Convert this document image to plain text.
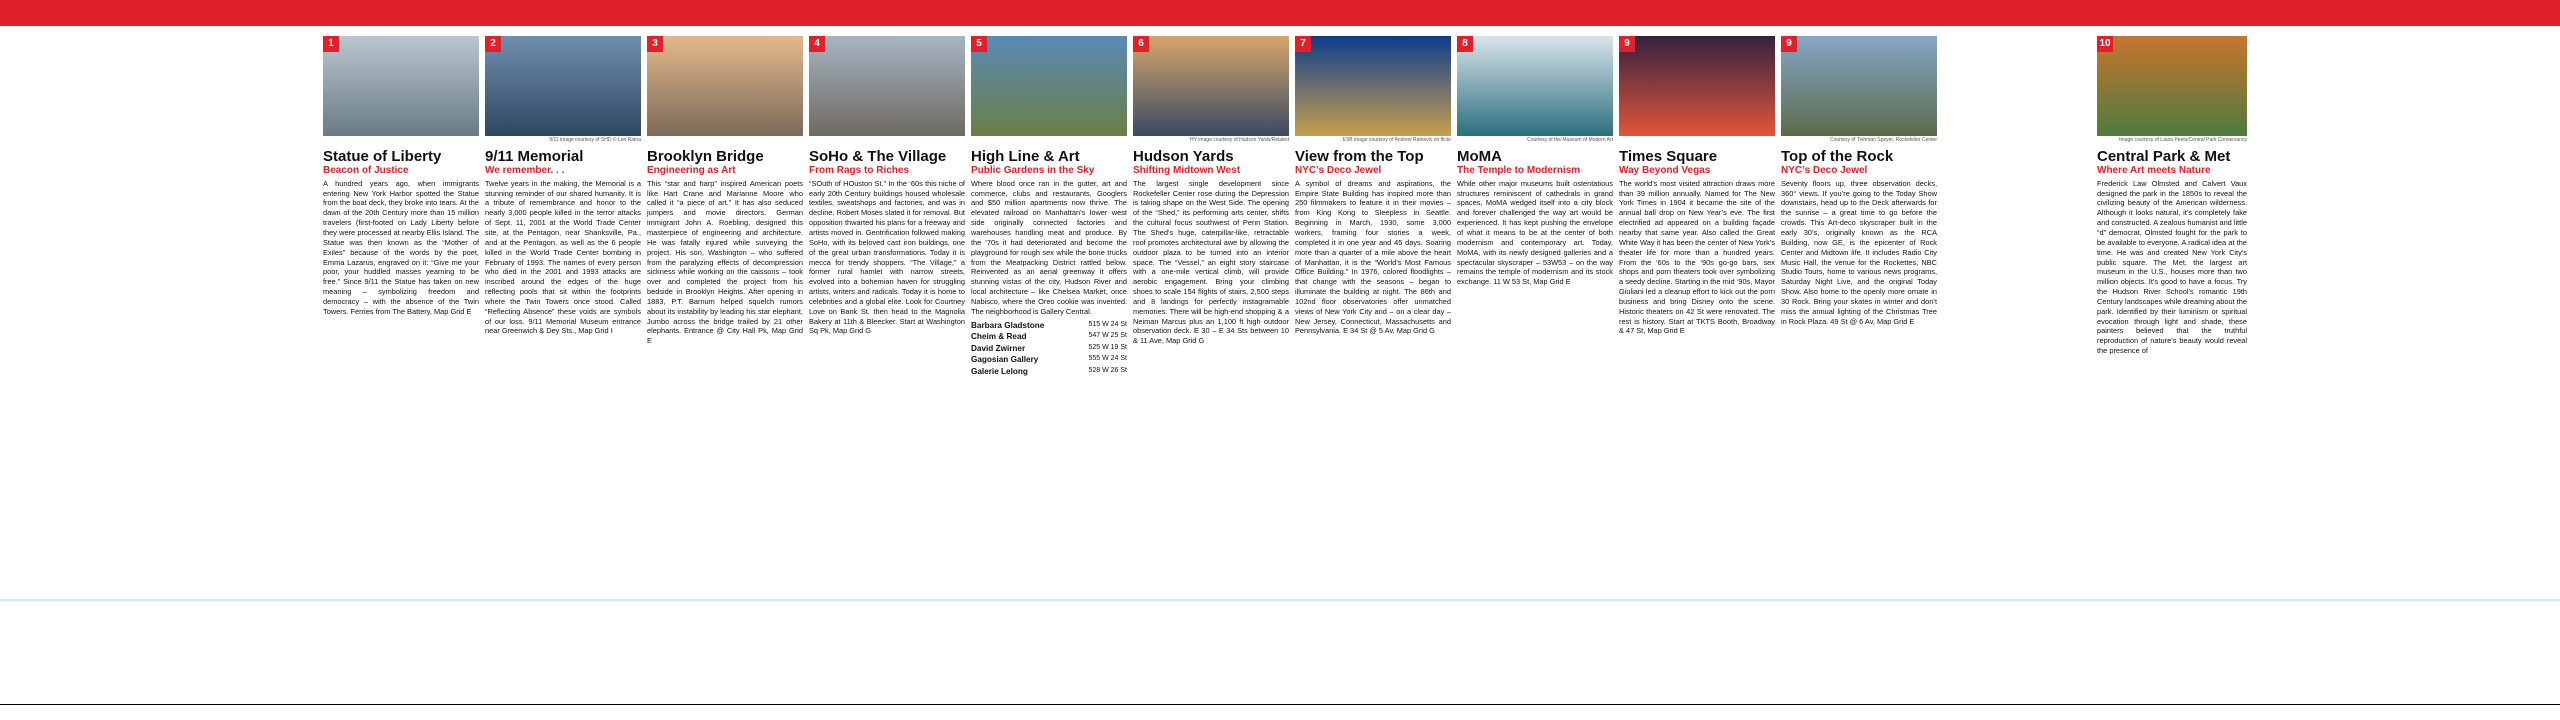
1
Statue of Liberty
Beacon of Justice

A hundred years ago, when immigrants entering New York Harbor spotted the Statue from the boat deck, they broke into tears. At the dawn of the 20th Century more than 15 million travelers (first-footed on Lady Liberty before they were processed at nearby Ellis Island. The Statue was then known as the “Mother of Exiles” because of the words by the poet, Emma Lazarus, engraved on it: “Give me your poor, your huddled masses yearning to be free.” Since 9/11 the Statue has taken on new meaning – symbolizing freedom and democracy – with the absence of the Twin Towers. Ferries from The Battery, Map Grid E

2
9/11 image courtesy of SHD © Len Ratna
9/11 Memorial
We remember. . .

Twelve years in the making, the Memorial is a stunning reminder of our shared humanity. It is a tribute of remembrance and honor to the nearly 3,000 people killed in the terror attacks of Sept. 11, 2001 at the World Trade Center site, at the Pentagon, near Shanksville, Pa., and at the Pentagon, as well as the 6 people killed in the World Trade Center bombing in February of 1993. The names of every person who died in the 2001 and 1993 attacks are inscribed around the edges of the huge reflecting pools that sit within the footprints where the Twin Towers once stood. Called “Reflecting Absence” these voids are symbols of our loss. 9/11 Memorial Museum entrance near Greenwich & Dey Sts., Map Grid I

3
Brooklyn Bridge
Engineering as Art

This “star and harp” inspired American poets like Hart Crane and Marianne Moore who called it “a piece of art.” It has also seduced jumpers and movie directors. German immigrant John A. Roebling, designed this masterpiece of engineering and architecture. He was fatally injured while surveying the project. His son, Washington – who suffered from the paralyzing effects of decompression sickness while working on the caissons – took over and completed the project from his bedside in Brooklyn Heights. After opening in 1883, P.T. Barnum helped squelch rumors about its instability by leading his star elephant, Jumbo across the bridge trailed by 21 other elephants. Entrance @ City Hall Pk, Map Grid E

4
SoHo & The Village
From Rags to Riches

“SOuth of HOuston St.” In the ‘60s this niche of early 20th Century buildings housed wholesale textiles, sweatshops and factories, and was in decline. Robert Moses slated it for removal. But opposition thwarted his plans for a freeway and artists moved in. Gentrification followed making SoHo, with its beloved cast iron buildings, one of the great urban transformations. Today it is mecca for trendy shoppers. “The Village,” a former rural hamlet with narrow streets, evolved into a bohemian haven for struggling artists, writers and radicals. Today it is home to celebrities and a global elite. Look for Courtney Love on Bank St. then head to the Magnolia Bakery at 11th & Bleecker. Start at Washington Sq Pk, Map Grid G

5
High Line & Art
Public Gardens in the Sky

Where blood once ran in the gutter, art and commerce, clubs and restaurants, Googlers and $50 million apartments now thrive. The elevated railroad on Manhattan’s lower west side originally connected factories and warehouses handling meat and produce. By the ‘70s it had deteriorated and become the playground for rough sex while the bone trucks from the Meatpacking District rattled below. Reinvented as an aerial greenway it offers stunning vistas of the city, Hudson River and local architecture – like Chelsea Market, once Nabisco, where the Oreo cookie was invented. The neighborhood is Gallery Central.

Barbara Gladstone	515 W 24 St
Cheim & Read	547 W 25 St
David Zwirner	525 W 19 St
Gagosian Gallery	555 W 24 St
Galerie Lelong	528 W 26 St
6
HY image courtesy of Hudson Yards/Related
Hudson Yards
Shifting Midtown West

The largest single development since Rockefeller Center rose during the Depression is taking shape on the West Side. The opening of the “Shed,” its performing arts center, shifts the cultural focus southwest of Penn Station. The Shed’s huge, caterpillar-like, retractable roof promotes architectural awe by allowing the outdoor plaza to be turned into an interior space. The “Vessel,” an eight story staircase with a one-mile vertical climb, will provide aerobic engagement. Bring your climbing shoes to scale 154 flights of stairs, 2,500 steps and 8 landings for perfectly instagramable memories. There will be high-end shopping & a Neiman Marcus plus an 1,100 ft high outdoor observation deck. E 30 – E 34 Sts between 10 & 11 Ave, Map Grid G

7
ESB image courtesy of Andrew Ratnevic on flickr
View from the Top
NYC’s Deco Jewel

A symbol of dreams and aspirations, the Empire State Building has inspired more than 250 filmmakers to feature it in their movies – from King Kong to Sleepless in Seattle. Beginning in March, 1930, some 3,000 workers, framing four stories a week, completed it in one year and 45 days. Soaring more than a quarter of a mile above the heart of Manhattan, it is the “World’s Most Famous Office Building.” In 1976, colored floodlights – that change with the seasons – began to illuminate the building at night. The 86th and 102nd floor observatories offer unmatched views of New York City and – on a clear day – New Jersey, Connecticut, Massachusetts and Pennsylvania. E 34 St @ 5 Av, Map Grid G

8
Courtesy of the Museum of Modern Art
MoMA
The Temple to Modernism

While other major museums built ostentatious structures reminiscent of cathedrals in grand spaces, MoMA wedged itself into a city block and forever challenged the way art would be experienced. It has kept pushing the envelope of what it means to be at the center of both modernism and contemporary art. Today, MoMA, with its newly designed galleries and a spectacular skyscraper – 53W53 – on the way remains the temple of modernism and its stock exchange. 11 W 53 St, Map Grid E

9
Times Square
Way Beyond Vegas

The world’s most visited attraction draws more than 39 million annually. Named for The New York Times in 1904 it became the site of the annual ball drop on New Year’s eve. The first electrified ad appeared on a building façade nearby that same year. Also called the Great White Way it has been the center of New York’s theater life for more than a hundred years. From the ‘60s to the ‘90s go-go bars, sex shops and porn theaters took over symbolizing a seedy decline. Starting in the mid ‘90s, Mayor Giuliani led a cleanup effort to kick out the porn business and bring Disney onto the scene. Historic theaters on 42 St were renovated. The rest is history. Start at TKTS Booth, Broadway & 47 St, Map Grid E

9
Courtesy of Tishman Speyer, Rockefeller Center
Top of the Rock
NYC’s Deco Jewel

Seventy floors up, three observation decks, 360° views. If you’re going to the Today Show downstairs, head up to the Deck afterwards for the sunrise – a great time to go before the crowds. This Art-deco skyscraper built in the early 30’s, originally known as the RCA Building, now GE, is the epicenter of Rock Center and Midtown life. It includes Radio City Music Hall, the venue for the Rockettes, NBC Studio Tours, home to various news programs, Saturday Night Live, and the original Today Show. Also home to the openly more ornate in 30 Rock. Bring your skates in winter and don’t miss the annual lighting of the Christmas Tree in Rock Plaza. 49 St @ 6 Av, Map Grid E

10
Image courtesy of Laura Peets/Central Park Conservancy
Central Park & Met
Where Art meets Nature

Frederick Law Olmsted and Calvert Vaux designed the park in the 1850s to reveal the civilizing beauty of the American wilderness. Although it looks natural, it’s completely fake and constructed. A zealous humanist and little “d” democrat, Olmsted fought for the park to be available to everyone. A radical idea at the time. He was and created New York City’s public square. The Met, the largest art museum in the U.S., houses more than two million objects. It’s good to have a focus. Try the Hudson River School’s romantic 19th Century landscapes while dreaming about the park. Identified by their luminism or spiritual evocation through light and shade, these painters believed that the truthful reproduction of nature’s beauty would reveal the presence of
